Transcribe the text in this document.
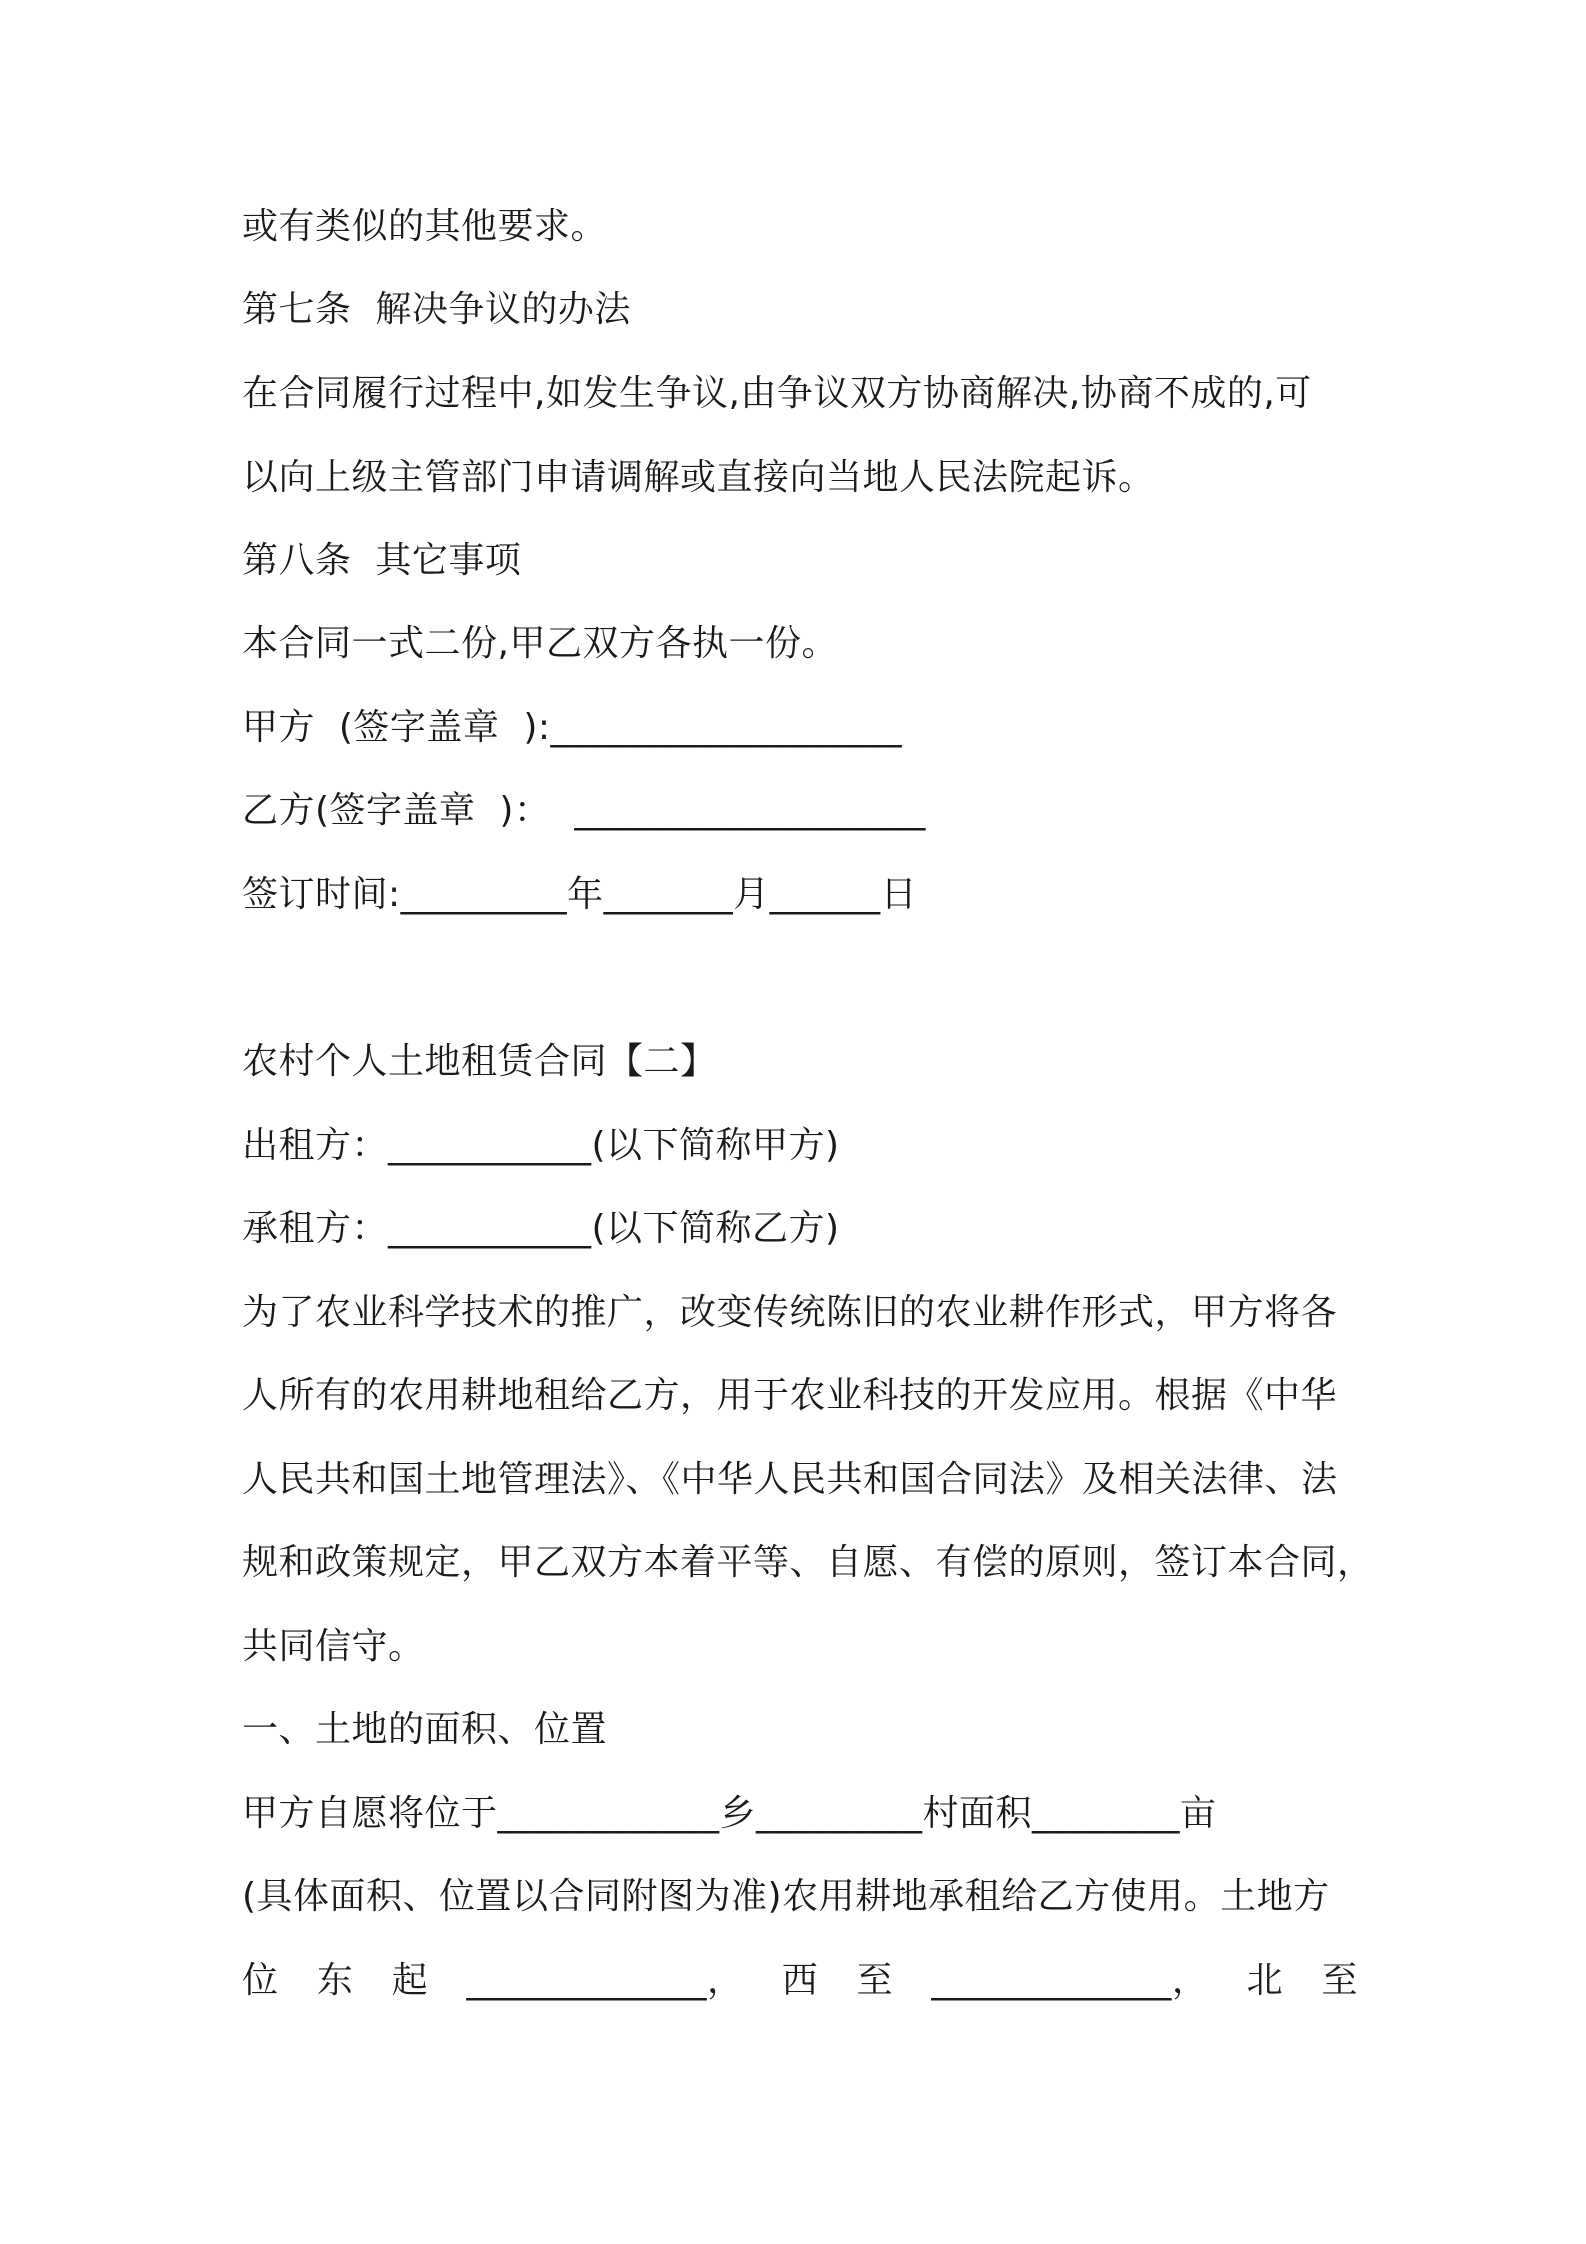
或有类似的其他要求。
第七条  解决争议的办法
在合同履行过程中,如发生争议,由争议双方协商解决,协商不成的,可
以向上级主管部门申请调解或直接向当地人民法院起诉。
第八条  其它事项
本合同一式二份,甲乙双方各执一份。
甲方  (签字盖章  ):___________________
乙方(签字盖章  )：  ___________________
签订时间:_________年_______月______日
农村个人土地租赁合同【二】
出租方：___________(以下简称甲方)
承租方：___________(以下简称乙方)
为了农业科学技术的推广，改变传统陈旧的农业耕作形式，甲方将各
人所有的农用耕地租给乙方，用于农业科技的开发应用。根据《中华
人民共和国土地管理法》、《中华人民共和国合同法》及相关法律、法
规和政策规定，甲乙双方本着平等、自愿、有偿的原则，签订本合同，
共同信守。
一、土地的面积、位置
甲方自愿将位于____________乡_________村面积________亩
(具体面积、位置以合同附图为准)农用耕地承租给乙方使用。土地方
位 东 起 _____________， 西 至 _____________， 北 至
